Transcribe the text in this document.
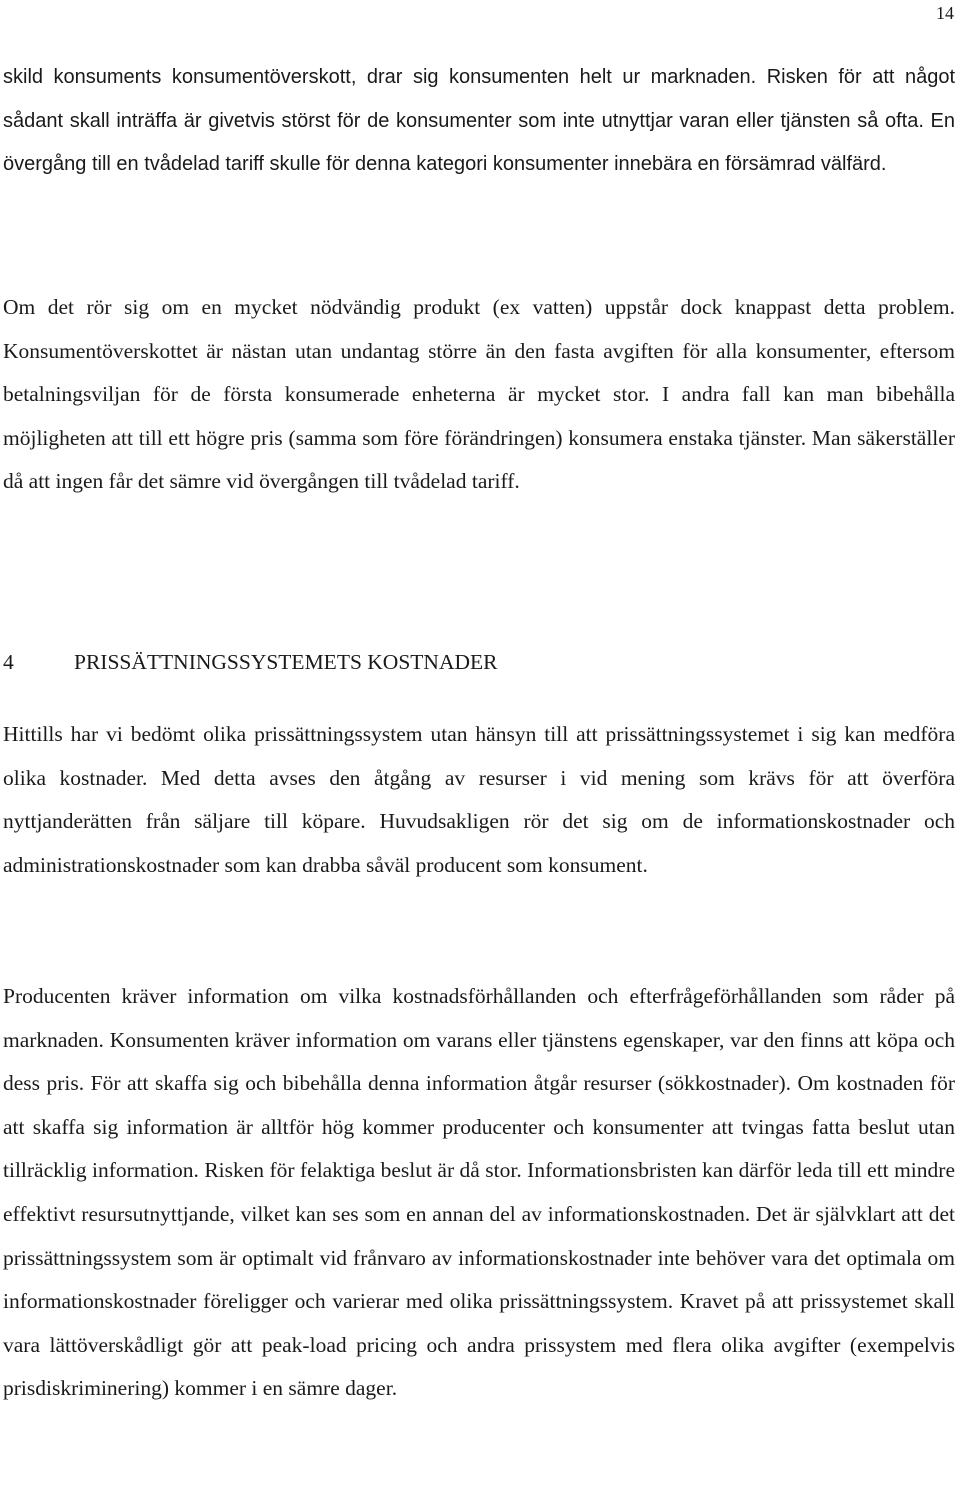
14

skild konsuments konsumentöverskott, drar sig konsumenten helt ur marknaden. Risken för att något sådant skall inträffa är givetvis störst för de konsumenter som inte utnyttjar varan eller tjänsten så ofta. En övergång till en tvådelad tariff skulle för denna kategori konsumenter innebära en försämrad välfärd.

Om det rör sig om en mycket nödvändig produkt (ex vatten) uppstår dock knappast detta problem. Konsumentöverskottet är nästan utan undantag större än den fasta avgiften för alla konsumenter, eftersom betalningsviljan för de första konsumerade enheterna är mycket stor. I andra fall kan man bibehålla möjligheten att till ett högre pris (samma som före förändringen) konsumera enstaka tjänster. Man säkerställer då att ingen får det sämre vid övergången till tvådelad tariff.

4	PRISSÄTTNINGSSYSTEMETS KOSTNADER

Hittills har vi bedömt olika prissättningssystem utan hänsyn till att prissättningssystemet i sig kan medföra olika kostnader. Med detta avses den åtgång av resurser i vid mening som krävs för att överföra nyttjanderätten från säljare till köpare. Huvudsakligen rör det sig om de informationskostnader och administrationskostnader som kan drabba såväl producent som konsument.

Producenten kräver information om vilka kostnadsförhållanden och efterfrågeförhållanden som råder på marknaden. Konsumenten kräver information om varans eller tjänstens egenskaper, var den finns att köpa och dess pris. För att skaffa sig och bibehålla denna information åtgår resurser (sökkostnader). Om kostnaden för att skaffa sig information är alltför hög kommer producenter och konsumenter att tvingas fatta beslut utan tillräcklig information. Risken för felaktiga beslut är då stor. Informationsbristen kan därför leda till ett mindre effektivt resursutnyttjande, vilket kan ses som en annan del av informationskostnaden. Det är självklart att det prissättningssystem som är optimalt vid frånvaro av informationskostnader inte behöver vara det optimala om informationskostnader föreligger och varierar med olika prissättningssystem. Kravet på att prissystemet skall vara lättöverskådligt gör att peak-load pricing och andra prissystem med flera olika avgifter (exempelvis prisdiskriminering) kommer i en sämre dager.
